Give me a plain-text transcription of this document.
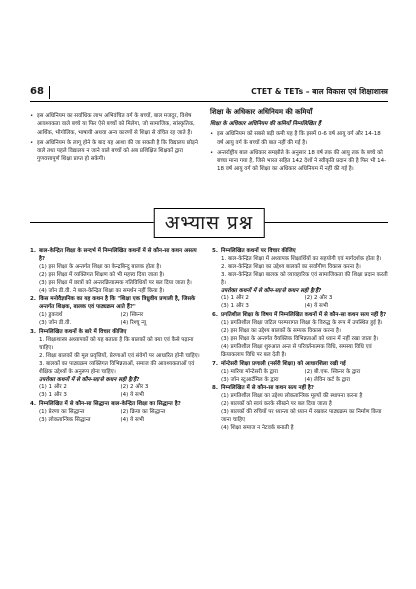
68	CTET & TETs – बाल विकास एवं शिक्षाशास्त्र

• इस अधिनियम का सर्वाधिक लाभ अभिवंचित वर्ग के बच्चों, बाल मजदूर, विशेष आवश्यकता वाले बच्चे या फिर ऐसे बच्चों को मिलेगा, जो सामाजिक, सांस्कृतिक, आर्थिक, भौगोलिक, भाषायी अथवा अन्य कारणों से शिक्षा से वंचित रह जाते हैं।

• इस अधिनियम के लागू होने के बाद यह आशा की जा सकती है कि विद्यालय छोड़ने वाले तथा पहले विद्यालय न जाने वाले बच्चों को अब प्रशिक्षित शिक्षकों द्वारा गुणवत्तापूर्ण शिक्षा प्राप्त हो सकेगी।

शिक्षा के अधिकार अधिनियम की कमियाँ

शिक्षा के अधिकार अधिनियम की कमियाँ निम्नलिखित हैं

• इस अधिनियम को सबसे बड़ी कमी यह है कि इसमें 0-6 वर्ष आयु वर्ग और 14-18 वर्ष आयु वर्ग के बच्चों की बात नहीं की गई है।

• अन्तर्राष्ट्रीय बाल अधिकार समझौते के अनुसार 18 वर्ष तक की आयु तक के बच्चे को बच्चा माना गया है, जिसे भारत सहित 142 देशों ने स्वीकृति प्रदान की है फिर भी 14-18 वर्ष आयु वर्ग को शिक्षा का अधिकार अधिनियम में नहीं की गई है।

अभ्यास प्रश्न
1. बाल-केन्द्रित शिक्षा के सन्दर्भ में निम्नलिखित कथनों में से कौन-सा कथन असत्य है?
(1) इस शिक्षा के अन्तर्गत शिक्षा का केन्द्रबिन्दु बालक होता है।
(2) इस शिक्षा में व्यक्तिगत शिक्षण को भी महत्त्व दिया जाता है।
(3) इस शिक्षा में छात्रों को अन्तरक्रियात्मक गतिविधियों पर बल दिया जाता है।
(4) जॉन डी.वी. ने बाल-केन्द्रित शिक्षा का समर्थन नहीं किया है।
2. किस मनोवैज्ञानिक का यह कथन है कि "शिक्षा एक त्रिध्रुवीय प्रणाली है, जिसके अन्तर्गत शिक्षक, बालक एवं पाठ्यक्रम आते हैं?"
(1) डुकवर्थ	(2) स्किनर
(3) जॉन डी.वी.	(4) रिश्चू न्यू
3. निम्नलिखित कथनों के बारे में विचार कीजिए
1. शिक्षाशास्त्र अध्यापकों को यह बताता है कि बालकों को क्या एवं कैसे पढ़ाना चाहिए।
2. शिक्षा बालकों की मूल प्रवृत्तियों, प्रेरणाओं एवं संवेगों पर आधारित होनी चाहिए।
3. बालकों का पाठ्यक्रम व्यक्तिगत विभिन्नताओं, समाज की आवश्यकताओं एवं शैक्षिक उद्देश्यों के अनुरूप होना चाहिए।
उपरोक्त कथनों में से कौन-सा/से कथन सही है/हैं?
(1) 1 और 2	(2) 2 और 3
(3) 1 और 3	(4) ये सभी
4. निम्नलिखित में से कौन-सा सिद्धान्त बाल-केन्द्रित शिक्षा का सिद्धान्त है?
(1) प्रेरणा का सिद्धान्त	(2) क्रिया का सिद्धान्त
(3) लोकतान्त्रिक सिद्धान्त	(4) ये सभी
5. निम्नलिखित कथनों पर विचार कीजिए
1. बाल-केन्द्रित शिक्षा में अध्यापक शिक्षार्थियों का सहयोगी एवं मार्गदर्शक होता है।
2. बाल-केन्द्रित शिक्षा का उद्देश्य बालकों का सर्वांगीण विकास करना है।
3. बाल-केन्द्रित शिक्षा बालक को व्यावहारिक एवं सामाजिकता की शिक्षा प्रदान करती है।
उपरोक्त कथनों में से कौन-सा/से कथन सही है/हैं?
(1) 1 और 2	(2) 2 और 3
(3) 1 और 3	(4) ये सभी
6. प्रगतिशील शिक्षा के विषय में निम्नलिखित कथनों में से कौन-सा कथन सत्य नहीं है?
(1) प्रगतिशील शिक्षा जटिल परम्परागत शिक्षा के विरुद्ध के रूप में उपस्थित हुई है।
(2) इस शिक्षा का उद्देश्य बालकों के सम्यक विकास करना है।
(3) इस शिक्षा के अन्तर्गत वैयक्तिक विभिन्नताओं को ध्यान में नहीं रखा जाता है।
(4) प्रगतिशील शिक्षा शुरुआत अन्त से परिवर्तनात्मक विधि, समस्या विधि एवं क्रियाकलाप विधि पर बल देती है।
7. मॉन्टेसरी शिक्षा प्रणाली (नर्सरी शिक्षा) को आधारशिला रखी गई
(1) मारिया मॉन्टेसरी के द्वारा	(2) बी.एफ. स्किनर के द्वारा
(3) जॉन स्टूआर्टमिल के द्वारा	(4) लेविन कर्ट के द्वारा
8. निम्नलिखित में से कौन-सा कथन सत्य नहीं है?
(1) प्रगतिशील शिक्षा का उद्देश्य लोकतान्त्रिक मूल्यों की स्थापना करना है
(2) बालकों को स्वयं करके सीखने पर बल दिया जाता है
(3) बालकों की रुचियों पर ध्यान्ता को ध्यान में रखकर पाठ्यक्रम का निर्माण किया जाना चाहिए
(4) शिक्षा समाज न नेटवर्क बनाती है
